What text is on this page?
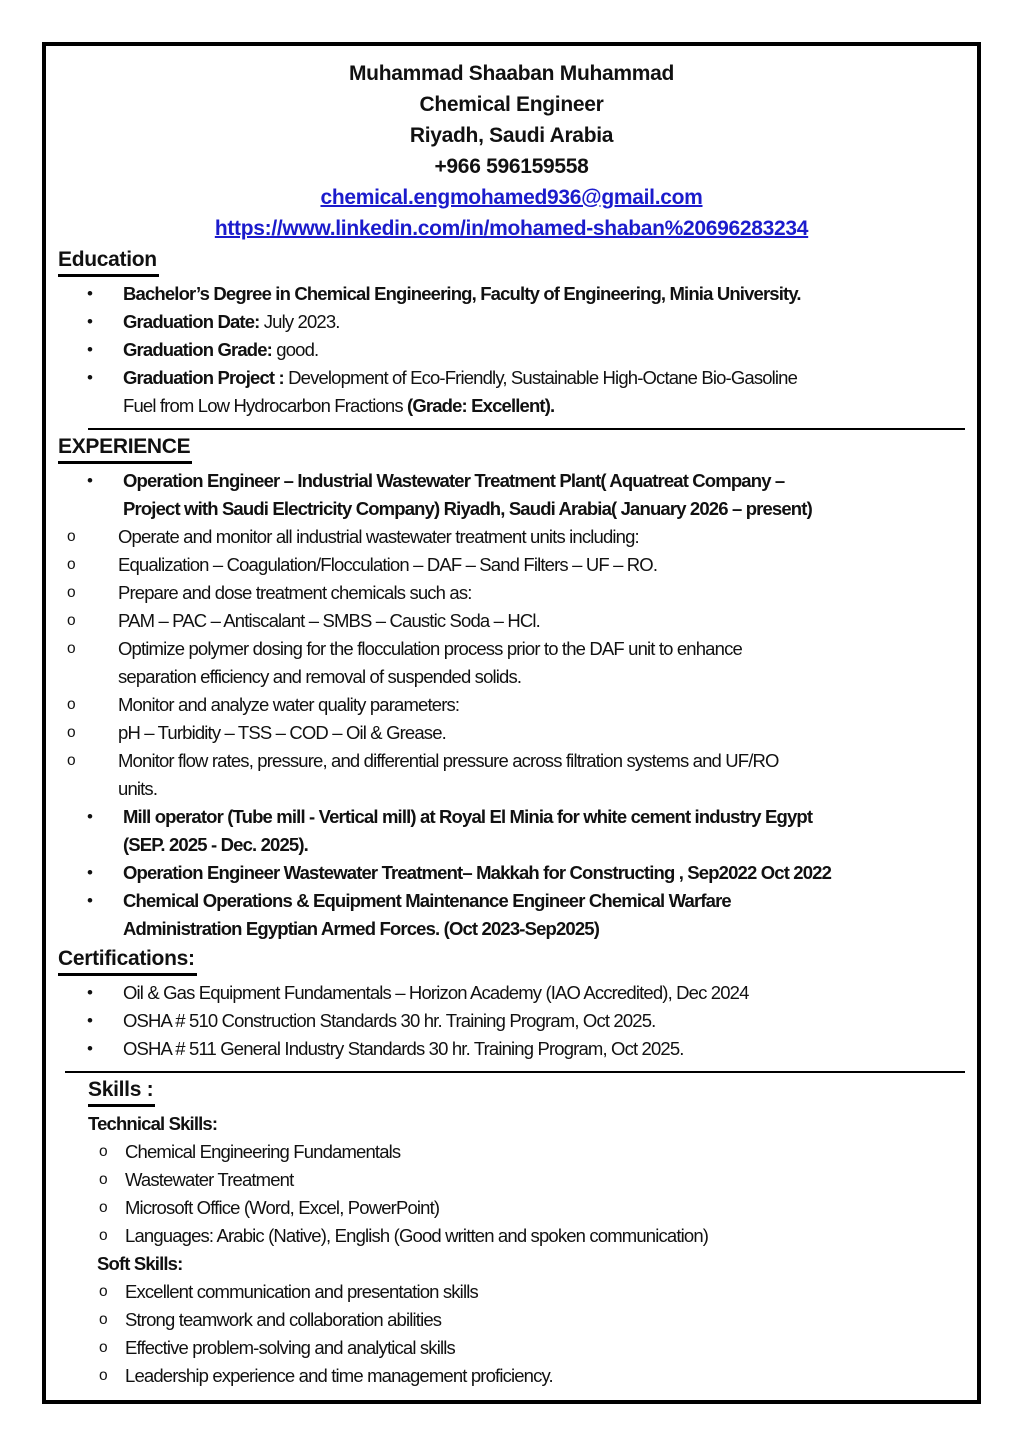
Muhammad Shaaban Muhammad
Chemical Engineer
Riyadh, Saudi Arabia
+966 596159558
chemical.engmohamed936@gmail.com
https://www.linkedin.com/in/mohamed-shaban%20696283234
Education
• Bachelor’s Degree in Chemical Engineering, Faculty of Engineering, Minia University.
• Graduation Date: July 2023.
• Graduation Grade: good.
• Graduation Project : Development of Eco-Friendly, Sustainable High-Octane Bio-Gasoline
Fuel from Low Hydrocarbon Fractions (Grade: Excellent).
EXPERIENCE
• Operation Engineer – Industrial Wastewater Treatment Plant( Aquatreat Company –
Project with Saudi Electricity Company) Riyadh, Saudi Arabia( January 2026 – present)
o Operate and monitor all industrial wastewater treatment units including:
o Equalization – Coagulation/Flocculation – DAF – Sand Filters – UF – RO.
o Prepare and dose treatment chemicals such as:
o PAM – PAC – Antiscalant – SMBS – Caustic Soda – HCl.
o Optimize polymer dosing for the flocculation process prior to the DAF unit to enhance
separation efficiency and removal of suspended solids.
o Monitor and analyze water quality parameters:
o pH – Turbidity – TSS – COD – Oil & Grease.
o Monitor flow rates, pressure, and differential pressure across filtration systems and UF/RO
units.
• Mill operator (Tube mill - Vertical mill) at Royal El Minia for white cement industry Egypt
(SEP. 2025 - Dec. 2025).
• Operation Engineer Wastewater Treatment– Makkah for Constructing , Sep2022 Oct 2022
• Chemical Operations & Equipment Maintenance Engineer Chemical Warfare
Administration Egyptian Armed Forces. (Oct 2023-Sep2025)
Certifications:
• Oil & Gas Equipment Fundamentals – Horizon Academy (IAO Accredited), Dec 2024
• OSHA # 510 Construction Standards 30 hr. Training Program, Oct 2025.
• OSHA # 511 General Industry Standards 30 hr. Training Program, Oct 2025.
Skills :
Technical Skills:
o Chemical Engineering Fundamentals
o Wastewater Treatment
o Microsoft Office (Word, Excel, PowerPoint)
o Languages: Arabic (Native), English (Good written and spoken communication)
Soft Skills:
o Excellent communication and presentation skills
o Strong teamwork and collaboration abilities
o Effective problem-solving and analytical skills
o Leadership experience and time management proficiency.
